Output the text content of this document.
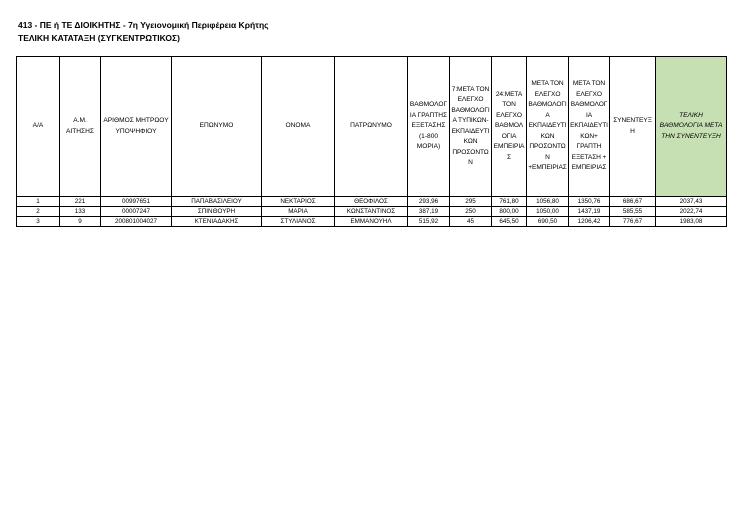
413 - ΠΕ ή ΤΕ ΔΙΟΙΚΗΤΗΣ - 7η Υγειονομική Περιφέρεια Κρήτης
ΤΕΛΙΚΗ ΚΑΤΑΤΑΞΗ (ΣΥΓΚΕΝΤΡΩΤΙΚΟΣ)
Α/Α	Α.Μ. ΑΙΤΗΣΗΣ	ΑΡΙΘΜΟΣ ΜΗΤΡΩΟΥ ΥΠΟΨΗΦΙΟΥ	ΕΠΩΝΥΜΟ	ΟΝΟΜΑ	ΠΑΤΡΩΝΥΜΟ	ΒΑΘΜΟΛΟΓΙΑ ΓΡΑΠΤΗΣ ΕΞΕΤΑΣΗΣ (1-800 ΜΟΡΙΑ)	7:ΜΕΤΑ ΤΟΝ ΕΛΕΓΧΟ ΒΑΘΜΟΛΟΓΙΑ ΤΥΠΙΚΩΝ-ΕΚΠΑΙΔΕΥΤΙΚΩΝ ΠΡΟΣΟΝΤΩΝ	24:ΜΕΤΑ ΤΟΝ ΕΛΕΓΧΟ ΒΑΘΜΟΛΟΓΙΑ ΕΜΠΕΙΡΙΑΣ	ΜΕΤΑ ΤΟΝ ΕΛΕΓΧΟ ΒΑΘΜΟΛΟΓΙΑ ΕΚΠΑΙΔΕΥΤΙΚΩΝ ΠΡΟΣΟΝΤΩΝ +ΕΜΠΕΙΡΙΑΣ	ΜΕΤΑ ΤΟΝ ΕΛΕΓΧΟ ΒΑΘΜΟΛΟΓΙΑ ΕΚΠΑΙΔΕΥΤΙΚΩΝ+ ΓΡΑΠΤΗ ΕΞΕΤΑΣΗ + ΕΜΠΕΙΡΙΑΣ	ΣΥΝΕΝΤΕΥΞΗ	ΤΕΛΙΚΗ ΒΑΘΜΟΛΟΓΙΑ ΜΕΤΑ ΤΗΝ ΣΥΝΕΝΤΕΥΞΗ
1	221	00997651	ΠΑΠΑΒΑΣΙΛΕΙΟΥ	ΝΕΚΤΑΡΙΟΣ	ΘΕΟΦΙΛΟΣ	293,96	295	761,80	1056,80	1350,76	686,67	2037,43
2	133	00007247	ΣΠΙΝΘΟΥΡΗ	ΜΑΡΙΑ	ΚΩΝΣΤΑΝΤΙΝΟΣ	387,19	250	800,00	1050,00	1437,19	585,55	2022,74
3	9	200801004027	ΚΤΕΝΙΑΔΑΚΗΣ	ΣΤΥΛΙΑΝΟΣ	ΕΜΜΑΝΟΥΗΛ	515,92	45	645,50	690,50	1206,42	776,67	1983,08
